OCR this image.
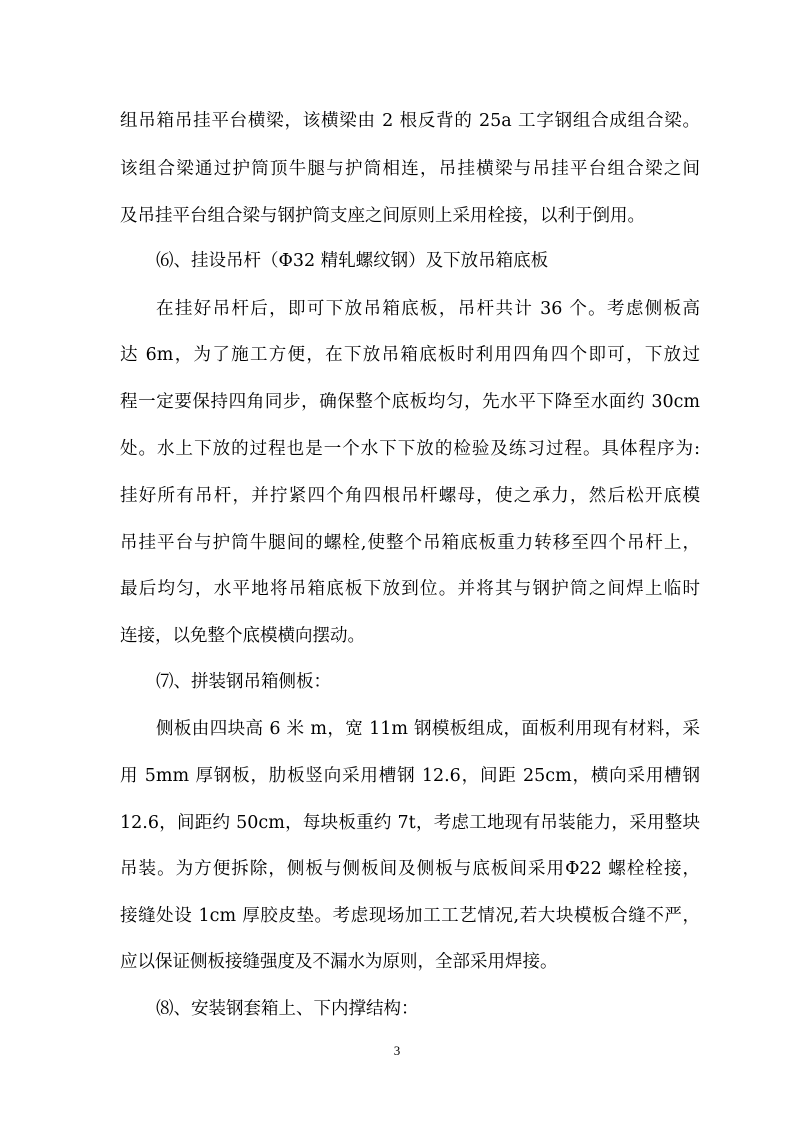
组吊箱吊挂平台横梁，该横梁由 2 根反背的 25a 工字钢组合成组合梁。
该组合梁通过护筒顶牛腿与护筒相连，吊挂横梁与吊挂平台组合梁之间
及吊挂平台组合梁与钢护筒支座之间原则上采用栓接，以利于倒用。
⑹、挂设吊杆（Φ32 精轧螺纹钢）及下放吊箱底板
在挂好吊杆后，即可下放吊箱底板，吊杆共计 36 个。考虑侧板高
达 6m，为了施工方便，在下放吊箱底板时利用四角四个即可，下放过
程一定要保持四角同步，确保整个底板均匀，先水平下降至水面约 30cm
处。水上下放的过程也是一个水下下放的检验及练习过程。具体程序为:
挂好所有吊杆，并拧紧四个角四根吊杆螺母，使之承力，然后松开底模
吊挂平台与护筒牛腿间的螺栓,使整个吊箱底板重力转移至四个吊杆上，
最后均匀，水平地将吊箱底板下放到位。并将其与钢护筒之间焊上临时
连接，以免整个底模横向摆动。
⑺、拼装钢吊箱侧板：
侧板由四块高 6 米 m，宽 11m 钢模板组成，面板利用现有材料，采
用 5mm 厚钢板，肋板竖向采用槽钢 12.6，间距 25cm，横向采用槽钢
12.6，间距约 50cm，每块板重约 7t，考虑工地现有吊装能力，采用整块
吊装。为方便拆除，侧板与侧板间及侧板与底板间采用Φ22 螺栓栓接，
接缝处设 1cm 厚胶皮垫。考虑现场加工工艺情况,若大块模板合缝不严，
应以保证侧板接缝强度及不漏水为原则，全部采用焊接。
⑻、安装钢套箱上、下内撑结构：
3
